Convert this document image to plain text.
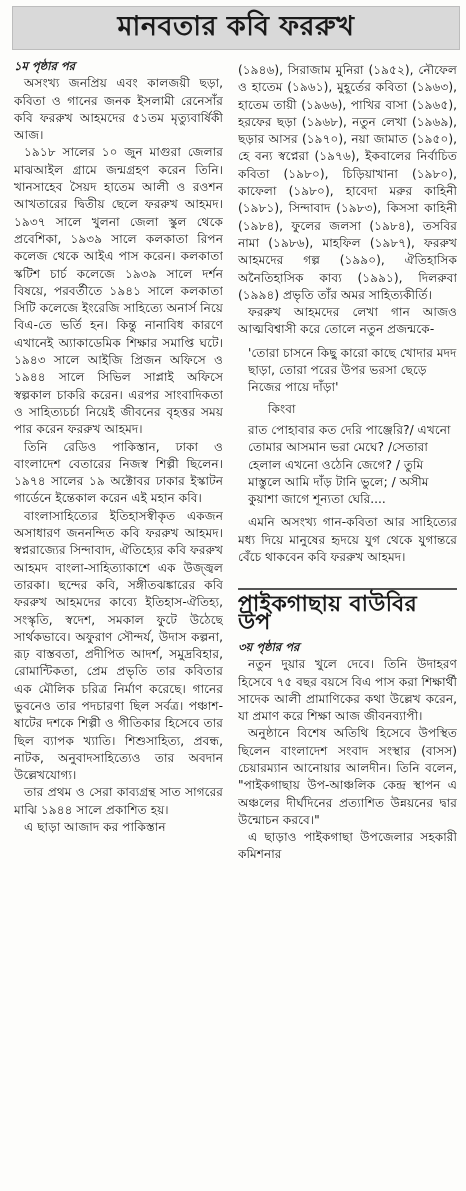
মানবতার কবি ফররুখ
১ম পৃষ্ঠার পর

অসংখ্য জনপ্রিয় এবং কালজয়ী ছড়া, কবিতা ও গানের জনক ইসলামী রেনেসাঁর কবি ফররুখ আহমদের ৫১তম মৃত্যুবার্ষিকী আজ।

১৯১৮ সালের ১০ জুন মাগুরা জেলার মাঝআইল গ্রামে জন্মগ্রহণ করেন তিনি। খানসাহেব সৈয়দ হাতেম আলী ও রওশন আখতারের দ্বিতীয় ছেলে ফররুখ আহমদ। ১৯৩৭ সালে খুলনা জেলা স্কুল থেকে প্রবেশিকা, ১৯৩৯ সালে কলকাতা রিপন কলেজ থেকে আইএ পাস করেন। কলকাতা স্কটিশ চার্চ কলেজে ১৯৩৯ সালে দর্শন বিষয়ে, পরবর্তীতে ১৯৪১ সালে কলকাতা সিটি কলেজে ইংরেজি সাহিত্যে অনার্স নিয়ে বিএ-তে ভর্তি হন। কিন্তু নানাবিধ কারণে এখানেই অ্যাকাডেমিক শিক্ষার সমাপ্তি ঘটে। ১৯৪৩ সালে আইজি প্রিজন অফিসে ও ১৯৪৪ সালে সিভিল সাপ্লাই অফিসে স্বল্পকাল চাকরি করেন। এরপর সাংবাদিকতা ও সাহিত্যচর্চা নিয়েই জীবনের বৃহত্তর সময় পার করেন ফররুখ আহমদ।

তিনি রেডিও পাকিস্তান, ঢাকা ও বাংলাদেশ বেতারের নিজস্ব শিল্পী ছিলেন। ১৯৭৪ সালের ১৯ অক্টোবর ঢাকার ইস্কাটন গার্ডেনে ইন্তেকাল করেন এই মহান কবি।

বাংলাসাহিত্যের ইতিহাসস্বীকৃত একজন অসাধারণ জননন্দিত কবি ফররুখ আহমদ। স্বপ্নরাজ্যের সিন্দাবাদ, ঐতিহ্যের কবি ফররুখ আহমদ বাংলা-সাহিত্যাকাশে এক উজ্জ্বল তারকা। ছন্দের কবি, সঙ্গীতঝঙ্কারের কবি ফররুখ আহমদের কাব্যে ইতিহাস-ঐতিহ্য, সংস্কৃতি, স্বদেশ, সমকাল ফুটে উঠেছে সার্থকভাবে। অফুরাণ সৌন্দর্য, উদাস কল্পনা, রূঢ় বাস্তবতা, প্রদীপিত আদর্শ, সমুদ্রবিহার, রোমান্টিকতা, প্রেম প্রভৃতি তার কবিতার এক মৌলিক চরিত্র নির্মাণ করেছে। গানের ভুবনেও তার পদচারণা ছিল সর্বত্র। পঞ্চাশ-ষাটের দশকে শিল্পী ও গীতিকার হিসেবে তার ছিল ব্যাপক খ্যাতি। শিশুসাহিত্য, প্রবন্ধ, নাটক, অনুবাদসাহিত্যেও তার অবদান উল্লেখযোগ্য।

তার প্রথম ও সেরা কাব্যগ্রন্থ সাত সাগরের মাঝি ১৯৪৪ সালে প্রকাশিত হয়।

এ ছাড়া আজাদ কর পাকিস্তান

(১৯৪৬), সিরাজাম মুনিরা (১৯৫২), নৌফেল ও হাতেম (১৯৬১), মুহূর্তের কবিতা (১৯৬৩), হাতেম তায়ী (১৯৬৬), পাখির বাসা (১৯৬৫), হরফের ছড়া (১৯৬৮), নতুন লেখা (১৯৬৯), ছড়ার আসর (১৯৭০), নয়া জামাত (১৯৫০), হে বন্য স্বপ্নেরা (১৯৭৬), ইকবালের নির্বাচিত কবিতা (১৯৮০), চিড়িয়াখানা (১৯৮০), কাফেলা (১৯৮০), হাবেদা মরুর কাহিনী (১৯৮১), সিন্দাবাদ (১৯৮৩), কিসসা কাহিনী (১৯৮৪), ফুলের জলসা (১৯৮৪), তসবির নামা (১৯৮৬), মাহফিল (১৯৮৭), ফররুখ আহমদের গল্প (১৯৯০), ঐতিহাসিক অনৈতিহাসিক কাব্য (১৯৯১), দিলরুবা (১৯৯৪) প্রভৃতি তাঁর অমর সাহিত্যকীর্তি।

ফররুখ আহমদের লেখা গান আজও আত্মবিশ্বাসী করে তোলে নতুন প্রজন্মকে-

'তোরা চাসনে কিছু কারো কাছে খোদার মদদ ছাড়া, তোরা পরের উপর ভরসা ছেড়ে নিজের পায়ে দাঁড়া'

কিংবা

রাত পোহাবার কত দেরি পাঞ্জেরি?/ এখনো তোমার আসমান ভরা মেঘে? /সেতারা হেলাল এখনো ওঠেনি জেগে? / তুমি মাস্তুলে আমি দাঁড় টানি ভুলে; / অসীম কুয়াশা জাগে শূন্যতা ঘেরি....

এমনি অসংখ্য গান-কবিতা আর সাহিত্যের মধ্য দিয়ে মানুষের হৃদয়ে যুগ থেকে যুগান্তরে বেঁচে থাকবেন কবি ফররুখ আহমদ।

পাইকগাছায় বাউবির উপ
৩য় পৃষ্ঠার পর

নতুন দুয়ার খুলে দেবে। তিনি উদাহরণ হিসেবে ৭৫ বছর বয়সে বিএ পাস করা শিক্ষার্থী সাদেক আলী প্রামাণিকের কথা উল্লেখ করেন, যা প্রমাণ করে শিক্ষা আজ জীবনব্যাপী।

অনুষ্ঠানে বিশেষ অতিথি হিসেবে উপস্থিত ছিলেন বাংলাদেশ সংবাদ সংস্থার (বাসস) চেয়ারম্যান আনোয়ার আলদীন। তিনি বলেন, "পাইকগাছায় উপ-আঞ্চলিক কেন্দ্র স্থাপন এ অঞ্চলের দীর্ঘদিনের প্রত্যাশিত উন্নয়নের দ্বার উন্মোচন করবে।"

এ ছাড়াও পাইকগাছা উপজেলার সহকারী কমিশনার
